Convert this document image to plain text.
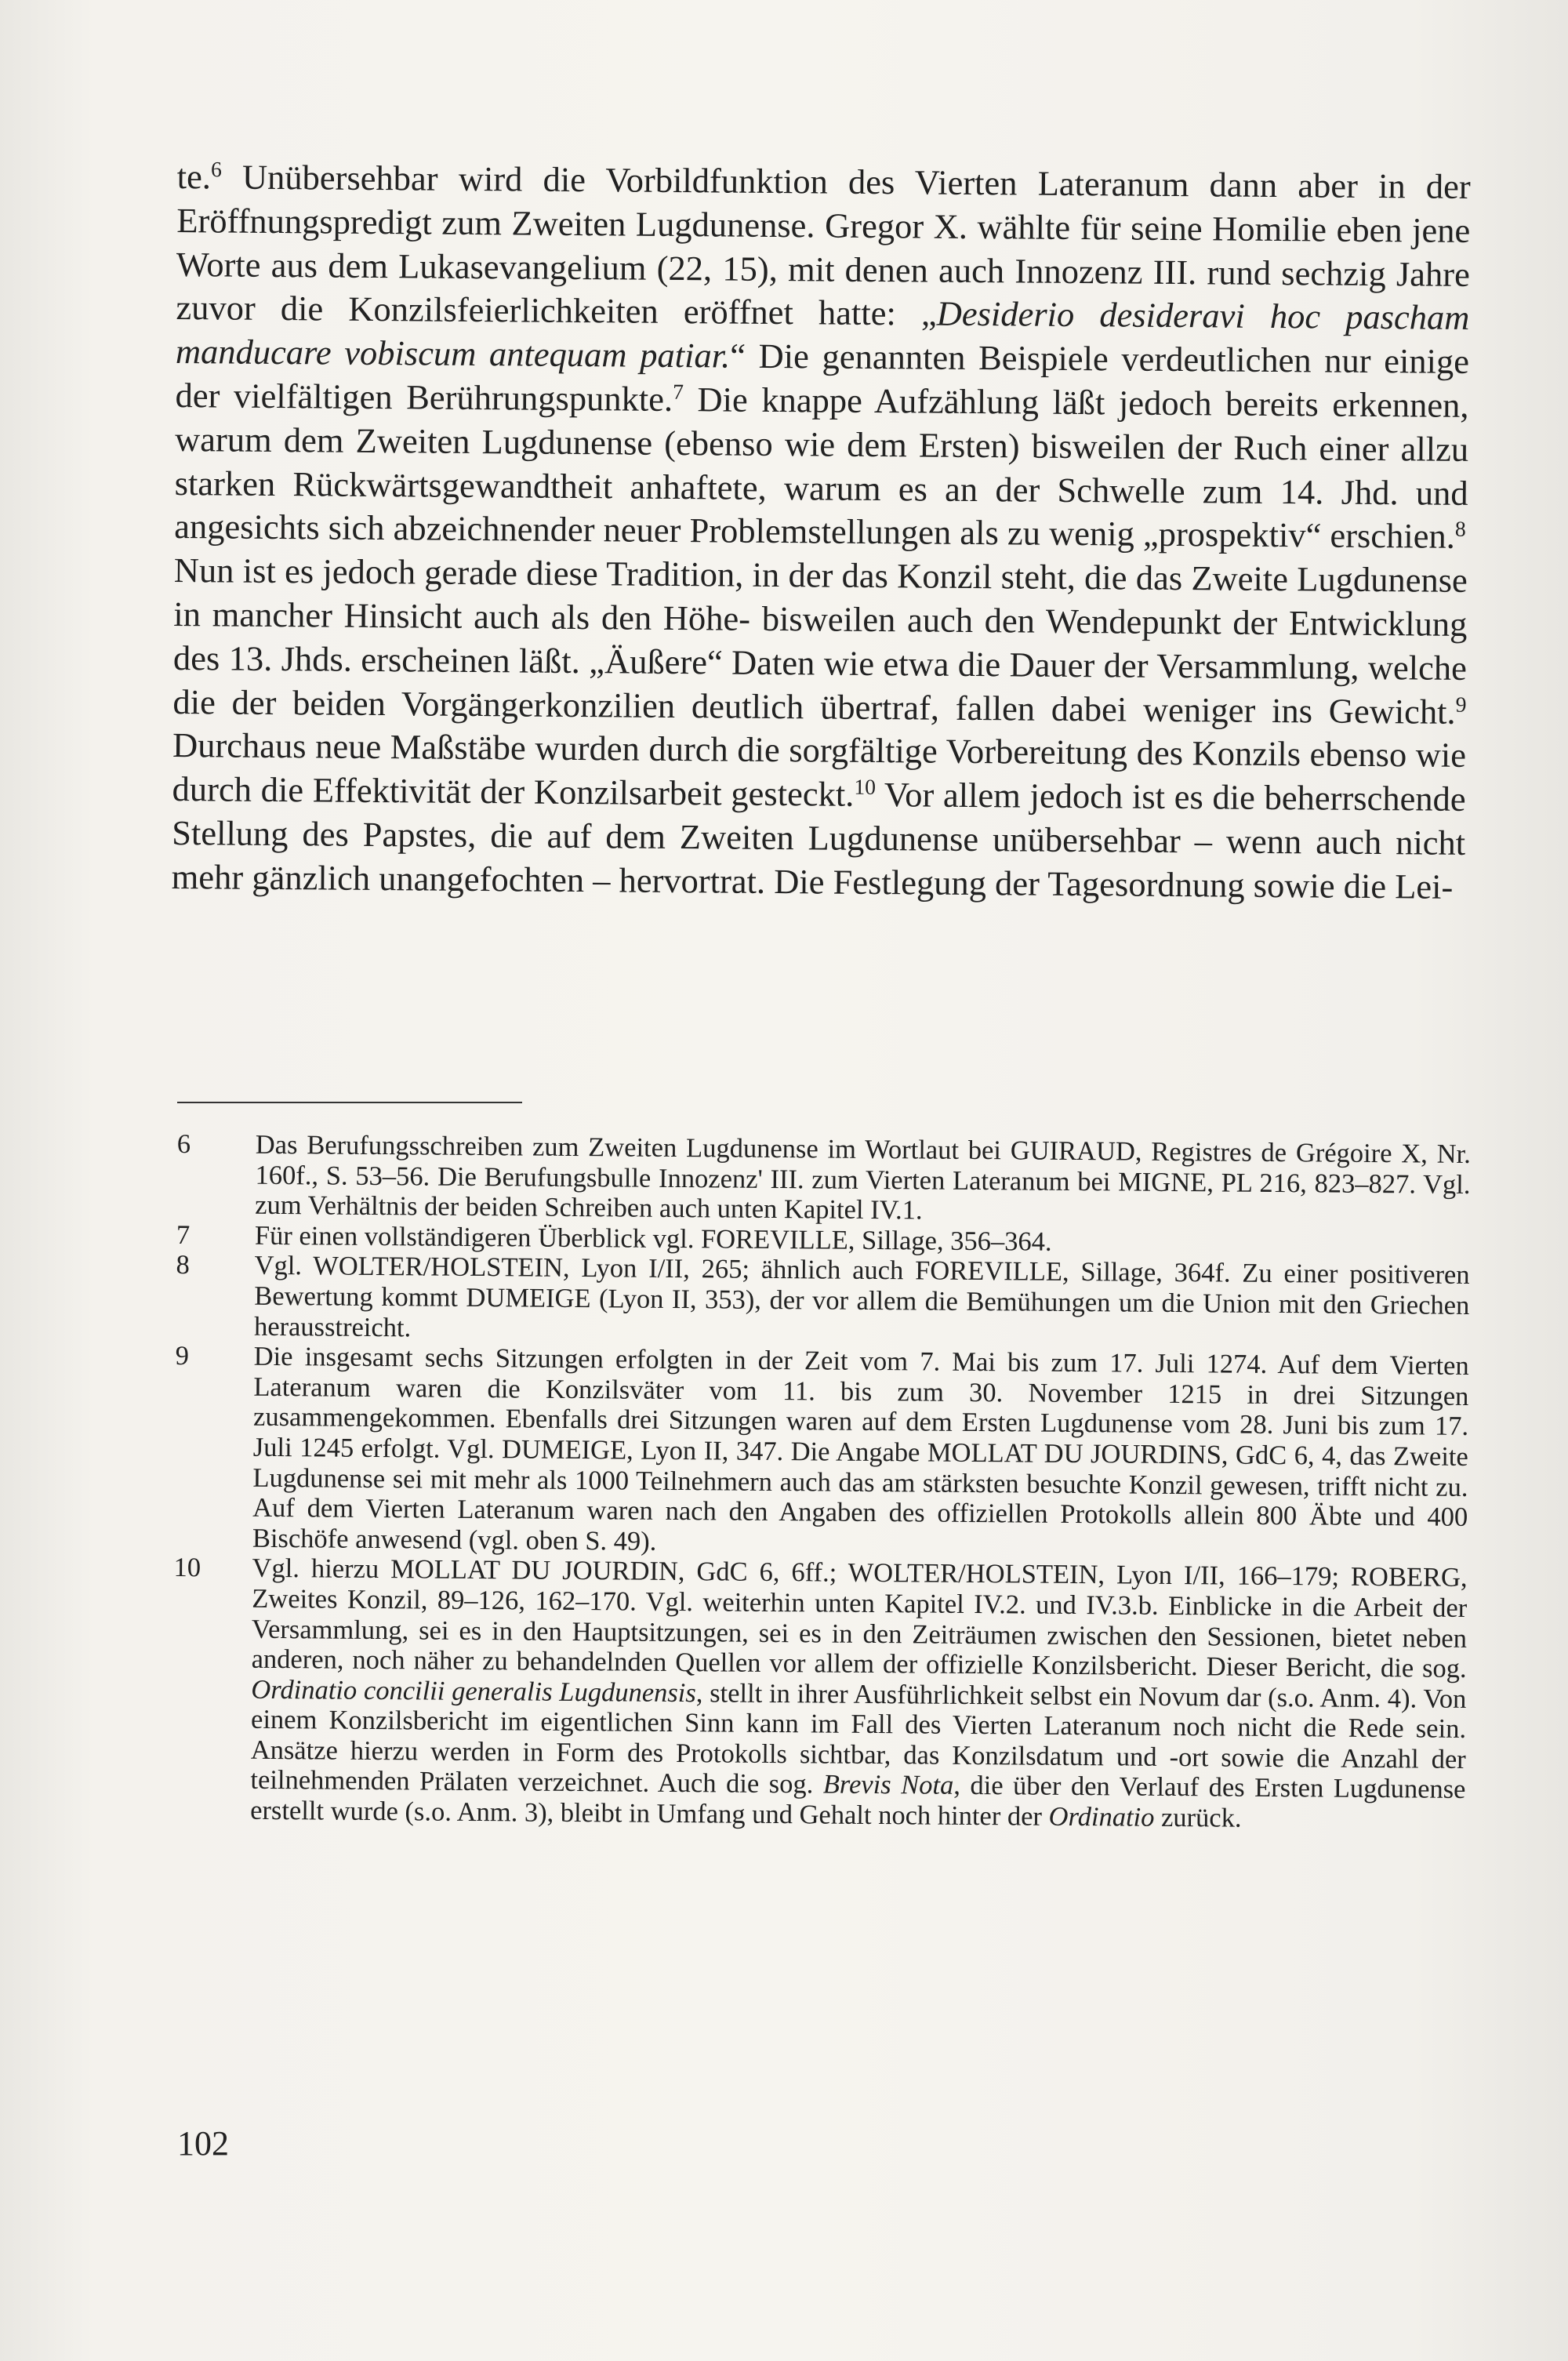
te.$^6$ Unübersehbar wird die Vorbildfunktion des Vierten Lateranum dann aber in der Eröffnungspredigt zum Zweiten Lugdunense. Gregor X. wählte für seine Homilie eben jene Worte aus dem Lukasevangelium (22, 15), mit denen auch Innozenz III. rund sechzig Jahre zuvor die Konzilsfeierlichkeiten eröffnet hatte: „Desiderio desideravi hoc pascham manducare vobiscum antequam patiar.“ Die genannten Beispiele verdeutlichen nur einige der vielfältigen Berührungspunkte.$^7$ Die knappe Aufzählung läßt jedoch bereits erkennen, warum dem Zweiten Lugdunense (ebenso wie dem Ersten) bisweilen der Ruch einer allzu starken Rückwärtsgewandtheit anhaftete, warum es an der Schwelle zum 14. Jhd. und angesichts sich abzeichnender neuer Problemstellungen als zu wenig „prospektiv“ erschien.$^8$

Nun ist es jedoch gerade diese Tradition, in der das Konzil steht, die das Zweite Lugdunense in mancher Hinsicht auch als den Höhe- bisweilen auch den Wendepunkt der Entwicklung des 13. Jhds. erscheinen läßt. „Äußere“ Daten wie etwa die Dauer der Versammlung, welche die der beiden Vorgängerkonzilien deutlich übertraf, fallen dabei weniger ins Gewicht.$^9$ Durchaus neue Maßstäbe wurden durch die sorgfältige Vorbereitung des Konzils ebenso wie durch die Effektivität der Konzilsarbeit gesteckt.$^{10}$ Vor allem jedoch ist es die beherrschende Stellung des Papstes, die auf dem Zweiten Lugdunense unübersehbar – wenn auch nicht mehr gänzlich unangefochten – hervortrat. Die Festlegung der Tagesordnung sowie die Lei-

6	Das Berufungsschreiben zum Zweiten Lugdunense im Wortlaut bei GUIRAUD, Registres de Grégoire X, Nr. 160f., S. 53–56. Die Berufungsbulle Innozenz' III. zum Vierten Lateranum bei MIGNE, PL 216, 823–827. Vgl. zum Verhältnis der beiden Schreiben auch unten Kapitel IV.1.
7	Für einen vollständigeren Überblick vgl. FOREVILLE, Sillage, 356–364.
8	Vgl. WOLTER/HOLSTEIN, Lyon I/II, 265; ähnlich auch FOREVILLE, Sillage, 364f. Zu einer positiveren Bewertung kommt DUMEIGE (Lyon II, 353), der vor allem die Bemühungen um die Union mit den Griechen herausstreicht.
9	Die insgesamt sechs Sitzungen erfolgten in der Zeit vom 7. Mai bis zum 17. Juli 1274. Auf dem Vierten Lateranum waren die Konzilsväter vom 11. bis zum 30. November 1215 in drei Sitzungen zusammengekommen. Ebenfalls drei Sitzungen waren auf dem Ersten Lugdunense vom 28. Juni bis zum 17. Juli 1245 erfolgt. Vgl. DUMEIGE, Lyon II, 347. Die Angabe MOLLAT DU JOURDINS, GdC 6, 4, das Zweite Lugdunense sei mit mehr als 1000 Teilnehmern auch das am stärksten besuchte Konzil gewesen, trifft nicht zu. Auf dem Vierten Lateranum waren nach den Angaben des offiziellen Protokolls allein 800 Äbte und 400 Bischöfe anwesend (vgl. oben S. 49).
10	Vgl. hierzu MOLLAT DU JOURDIN, GdC 6, 6ff.; WOLTER/HOLSTEIN, Lyon I/II, 166–179; ROBERG, Zweites Konzil, 89–126, 162–170. Vgl. weiterhin unten Kapitel IV.2. und IV.3.b. Einblicke in die Arbeit der Versammlung, sei es in den Hauptsitzungen, sei es in den Zeiträumen zwischen den Sessionen, bietet neben anderen, noch näher zu behandelnden Quellen vor allem der offizielle Konzilsbericht. Dieser Bericht, die sog. Ordinatio concilii generalis Lugdunensis, stellt in ihrer Ausführlichkeit selbst ein Novum dar (s.o. Anm. 4). Von einem Konzilsbericht im eigentlichen Sinn kann im Fall des Vierten Lateranum noch nicht die Rede sein. Ansätze hierzu werden in Form des Protokolls sichtbar, das Konzilsdatum und -ort sowie die Anzahl der teilnehmenden Prälaten verzeichnet. Auch die sog. Brevis Nota, die über den Verlauf des Ersten Lugdunense erstellt wurde (s.o. Anm. 3), bleibt in Umfang und Gehalt noch hinter der Ordinatio zurück.
102
